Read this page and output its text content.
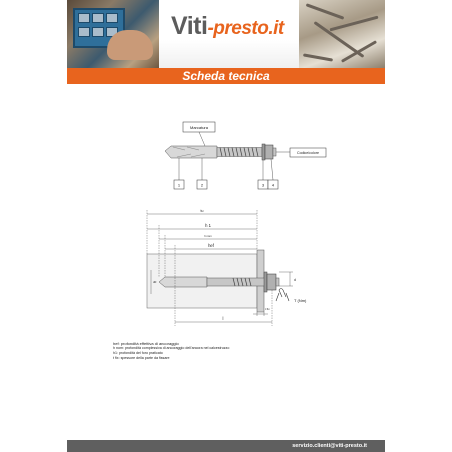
Viti-presto.it
Scheda tecnica
Marcatura
Codice/colore
1	2	3 4
tu
h 1
h nom
hef
d0	d
t fix
l
T (Nm)
hef: profondità effettiva di ancoraggio
h nom: profondità complessiva di ancoraggio dell'ancora nel calcestruzzo
h1: profondità del foro praticato
t fix: spessore della parte da fissare
servizio.clienti@viti-presto.it
